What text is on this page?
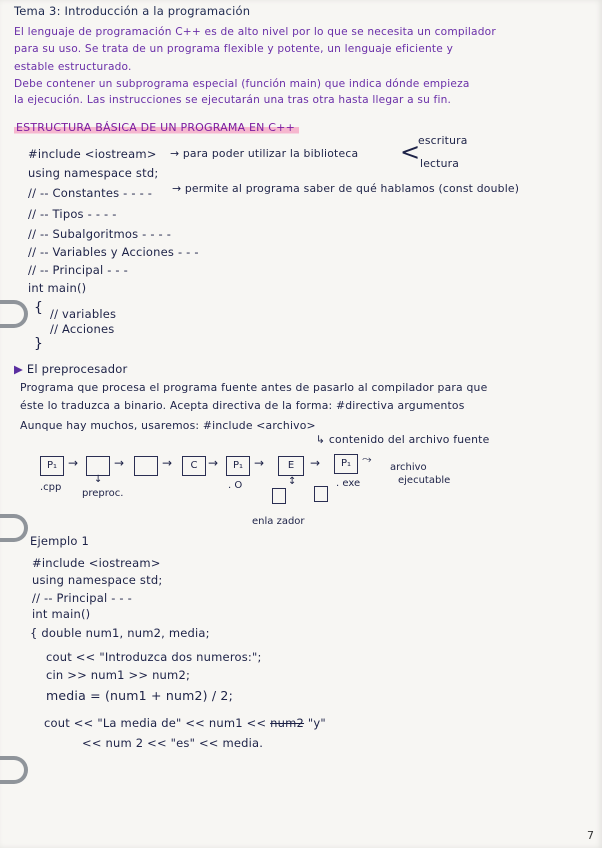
Tema 3: Introducción a la programación
El lenguaje de programación C++ es de alto nivel por lo que se necesita un compilador
para su uso. Se trata de un programa flexible y potente, un lenguaje eficiente y
estable estructurado.
Debe contener un subprograma especial (función main) que indica dónde empieza
la ejecución. Las instrucciones se ejecutarán una tras otra hasta llegar a su fin.
ESTRUCTURA BÁSICA DE UN PROGRAMA EN C++
#include <iostream> → para poder utilizar la biblioteca <
escritura
lectura
using namespace std;
// -- Constantes - - - - → permite al programa saber de qué hablamos (const double)
// -- Tipos - - - -
// -- Subalgoritmos - - - -
// -- Variables y Acciones - - -
// -- Principal - - -
int main()
{ // variables
// Acciones
}
▶ El preprocesador
Programa que procesa el programa fuente antes de pasarlo al compilador para que
éste lo traduzca a binario. Acepta directiva de la forma: #directiva argumentos
Aunque hay muchos, usaremos: #include <archivo>
↳ contenido del archivo fuente
P₁
.cpp
→
↓
preproc.
→	→	C →	P₁
. O
→	E
↕
enla zador
→	P₁
. exe
⤳
archivo
ejecutable
Ejemplo 1
#include <iostream>
using namespace std;
// -- Principal - - -
int main()
{ double num1, num2, media;
cout << "Introduzca dos numeros:";
cin >> num1 >> num2;
media = (num1 + num2) / 2;
cout << "La media de" << num1 << num2 "y"
<< num 2 << "es" << media.
7
